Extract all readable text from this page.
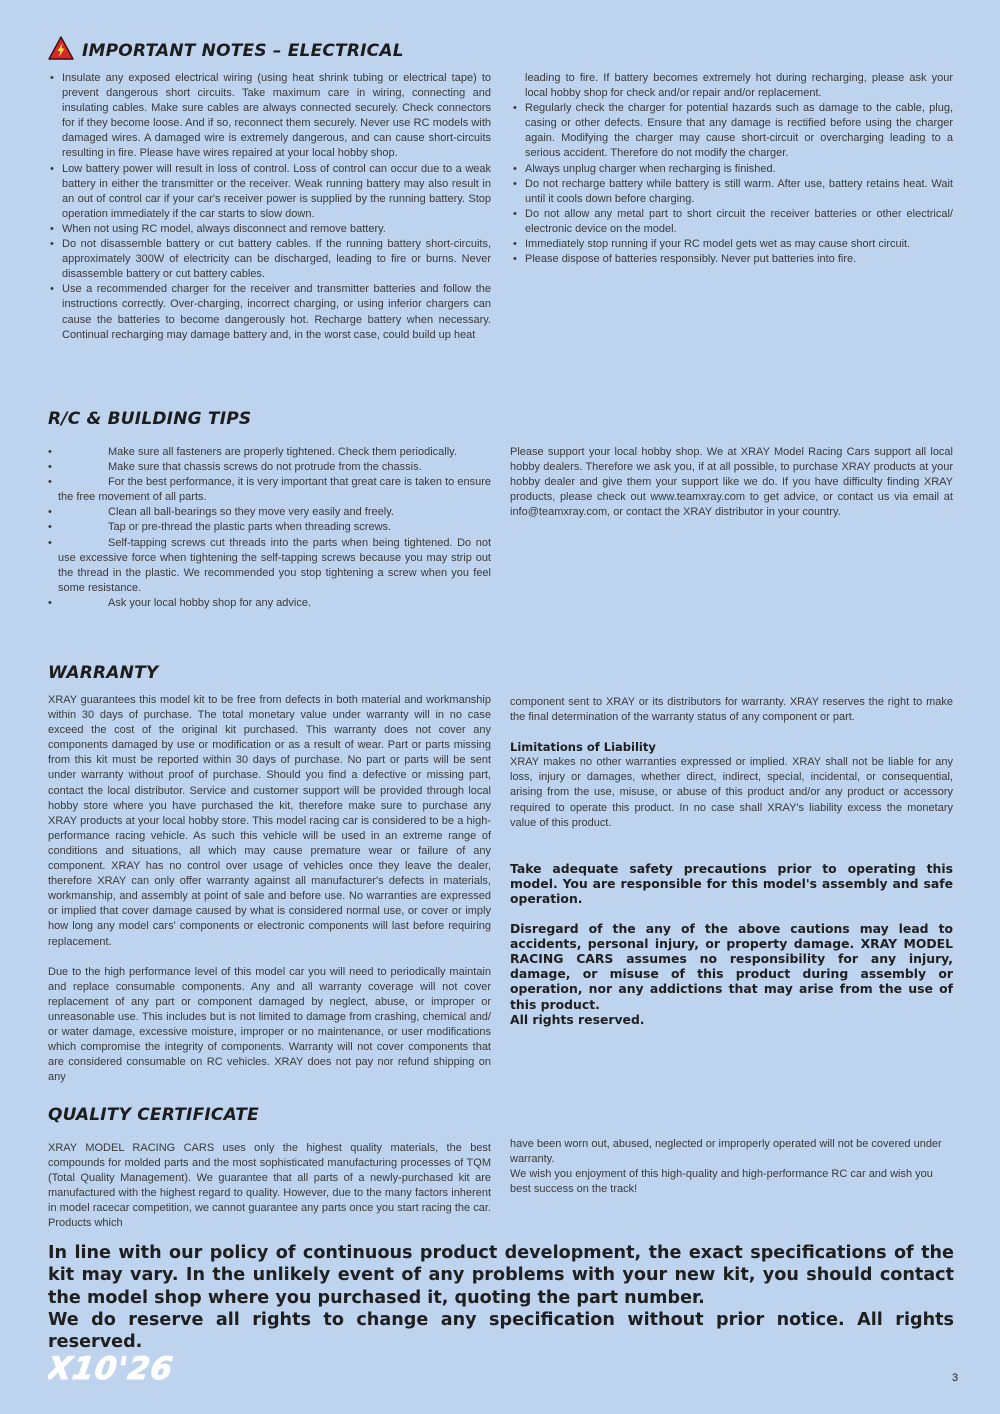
IMPORTANT NOTES – ELECTRICAL
• Insulate any exposed electrical wiring (using heat shrink tubing or electrical tape) to prevent dangerous short circuits. Take maximum care in wiring, connecting and insulating cables. Make sure cables are always connected securely. Check connectors for if they become loose. And if so, reconnect them securely. Never use RC models with damaged wires. A damaged wire is extremely dangerous, and can cause short-circuits resulting in fire. Please have wires repaired at your local hobby shop.
• Low battery power will result in loss of control. Loss of control can occur due to a weak battery in either the transmitter or the receiver. Weak running battery may also result in an out of control car if your car's receiver power is supplied by the running battery. Stop operation immediately if the car starts to slow down.
• When not using RC model, always disconnect and remove battery.
• Do not disassemble battery or cut battery cables. If the running battery short-circuits, approximately 300W of electricity can be discharged, leading to fire or burns. Never disassemble battery or cut battery cables.
• Use a recommended charger for the receiver and transmitter batteries and follow the instructions correctly. Over-charging, incorrect charging, or using inferior chargers can cause the batteries to become dangerously hot. Recharge battery when necessary. Continual recharging may damage battery and, in the worst case, could build up heat

leading to fire. If battery becomes extremely hot during recharging, please ask your local hobby shop for check and/or repair and/or replacement.

• Regularly check the charger for potential hazards such as damage to the cable, plug, casing or other defects. Ensure that any damage is rectified before using the charger again. Modifying the charger may cause short-circuit or overcharging leading to a serious accident. Therefore do not modify the charger.
• Always unplug charger when recharging is finished.
• Do not recharge battery while battery is still warm. After use, battery retains heat. Wait until it cools down before charging.
• Do not allow any metal part to short circuit the receiver batteries or other electrical/ electronic device on the model.
• Immediately stop running if your RC model gets wet as may cause short circuit.
• Please dispose of batteries responsibly. Never put batteries into fire.
R/C & BUILDING TIPS
• Make sure all fasteners are properly tightened. Check them periodically.
• Make sure that chassis screws do not protrude from the chassis.
• For the best performance, it is very important that great care is taken to ensure the free movement of all parts.
• Clean all ball-bearings so they move very easily and freely.
• Tap or pre-thread the plastic parts when threading screws.
• Self-tapping screws cut threads into the parts when being tightened. Do not use excessive force when tightening the self-tapping screws because you may strip out the thread in the plastic. We recommended you stop tightening a screw when you feel some resistance.
• Ask your local hobby shop for any advice.

Please support your local hobby shop. We at XRAY Model Racing Cars support all local hobby dealers. Therefore we ask you, if at all possible, to purchase XRAY products at your hobby dealer and give them your support like we do. If you have difficulty finding XRAY products, please check out www.teamxray.com to get advice, or contact us via email at info@teamxray.com, or contact the XRAY distributor in your country.

WARRANTY

XRAY guarantees this model kit to be free from defects in both material and workmanship within 30 days of purchase. The total monetary value under warranty will in no case exceed the cost of the original kit purchased. This warranty does not cover any components damaged by use or modification or as a result of wear. Part or parts missing from this kit must be reported within 30 days of purchase. No part or parts will be sent under warranty without proof of purchase. Should you find a defective or missing part, contact the local distributor. Service and customer support will be provided through local hobby store where you have purchased the kit, therefore make sure to purchase any XRAY products at your local hobby store. This model racing car is considered to be a high-performance racing vehicle. As such this vehicle will be used in an extreme range of conditions and situations, all which may cause premature wear or failure of any component. XRAY has no control over usage of vehicles once they leave the dealer, therefore XRAY can only offer warranty against all manufacturer's defects in materials, workmanship, and assembly at point of sale and before use. No warranties are expressed or implied that cover damage caused by what is considered normal use, or cover or imply how long any model cars' components or electronic components will last before requiring replacement.

Due to the high performance level of this model car you will need to periodically maintain and replace consumable components. Any and all warranty coverage will not cover replacement of any part or component damaged by neglect, abuse, or improper or unreasonable use. This includes but is not limited to damage from crashing, chemical and/ or water damage, excessive moisture, improper or no maintenance, or user modifications which compromise the integrity of components. Warranty will not cover components that are considered consumable on RC vehicles. XRAY does not pay nor refund shipping on any

component sent to XRAY or its distributors for warranty. XRAY reserves the right to make the final determination of the warranty status of any component or part.

Limitations of Liability

XRAY makes no other warranties expressed or implied. XRAY shall not be liable for any loss, injury or damages, whether direct, indirect, special, incidental, or consequential, arising from the use, misuse, or abuse of this product and/or any product or accessory required to operate this product. In no case shall XRAY's liability excess the monetary value of this product.

Take adequate safety precautions prior to operating this model. You are responsible for this model's assembly and safe operation.

Disregard of the any of the above cautions may lead to accidents, personal injury, or property damage. XRAY MODEL RACING CARS assumes no responsibility for any injury, damage, or misuse of this product during assembly or operation, nor any addictions that may arise from the use of this product.

All rights reserved.

QUALITY CERTIFICATE

XRAY MODEL RACING CARS uses only the highest quality materials, the best compounds for molded parts and the most sophisticated manufacturing processes of TQM (Total Quality Management). We guarantee that all parts of a newly-purchased kit are manufactured with the highest regard to quality. However, due to the many factors inherent in model racecar competition, we cannot guarantee any parts once you start racing the car. Products which

have been worn out, abused, neglected or improperly operated will not be covered under warranty.

We wish you enjoyment of this high-quality and high-performance RC car and wish you best success on the track!

In line with our policy of continuous product development, the exact specifications of the kit may vary. In the unlikely event of any problems with your new kit, you should contact the model shop where you purchased it, quoting the part number.

We do reserve all rights to change any specification without prior notice. All rights reserved.

X10'26	3
